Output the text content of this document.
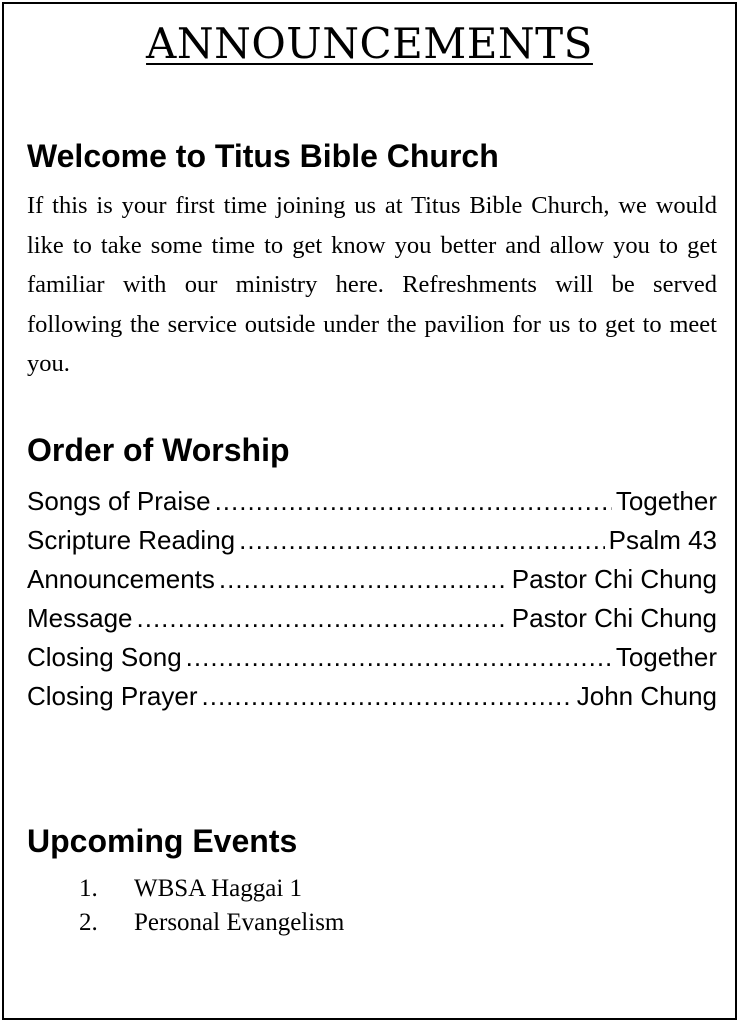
ANNOUNCEMENTS
Welcome to Titus Bible Church

If this is your first time joining us at Titus Bible Church, we would like to take some time to get know you better and allow you to get familiar with our ministry here. Refreshments will be served following the service outside under the pavilion for us to get to meet you.

Order of Worship
Songs of Praise .....	Together
Scripture Reading .....	Psalm 43
Announcements .....	Pastor Chi Chung
Message .....	Pastor Chi Chung
Closing Song .....	Together
Closing Prayer .....	John Chung
Upcoming Events
1.	WBSA Haggai 1
2.	Personal Evangelism
